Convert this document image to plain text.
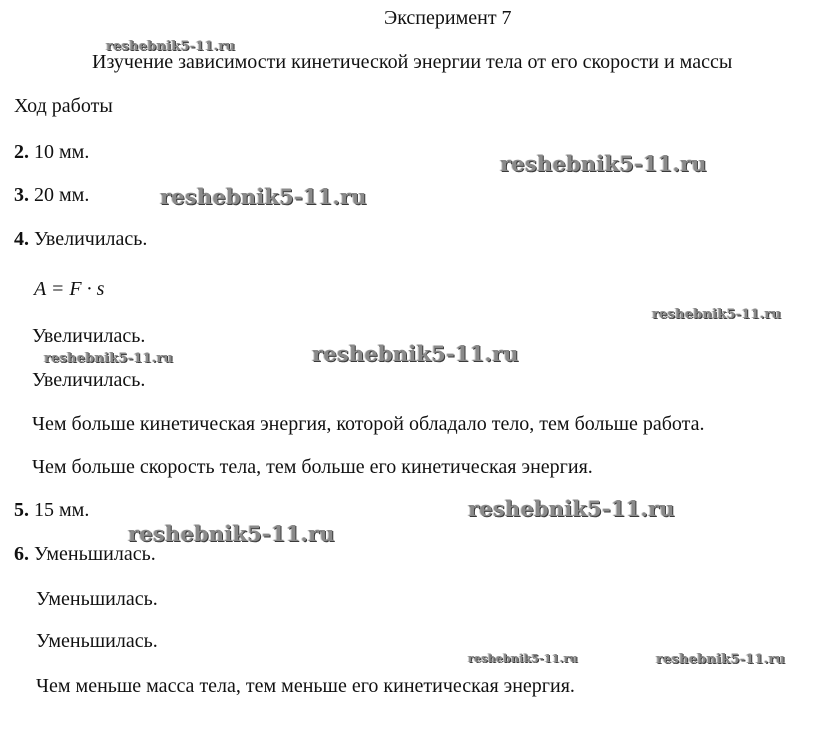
Эксперимент 7
Изучение зависимости кинетической энергии тела от его скорости и массы
Ход работы
2. 10 мм.
3. 20 мм.
4. Увеличилась.
A = F · s
Увеличилась.
Увеличилась.
Чем больше кинетическая энергия, которой обладало тело, тем больше работа.
Чем больше скорость тела, тем больше его кинетическая энергия.
5. 15 мм.
6. Уменьшилась.
Уменьшилась.
Уменьшилась.
Чем меньше масса тела, тем меньше его кинетическая энергия.
reshebnik5-11.ru
reshebnik5-11.ru
reshebnik5-11.ru
reshebnik5-11.ru
reshebnik5-11.ru
reshebnik5-11.ru
reshebnik5-11.ru
reshebnik5-11.ru
reshebnik5-11.ru	reshebnik5-11.ru
